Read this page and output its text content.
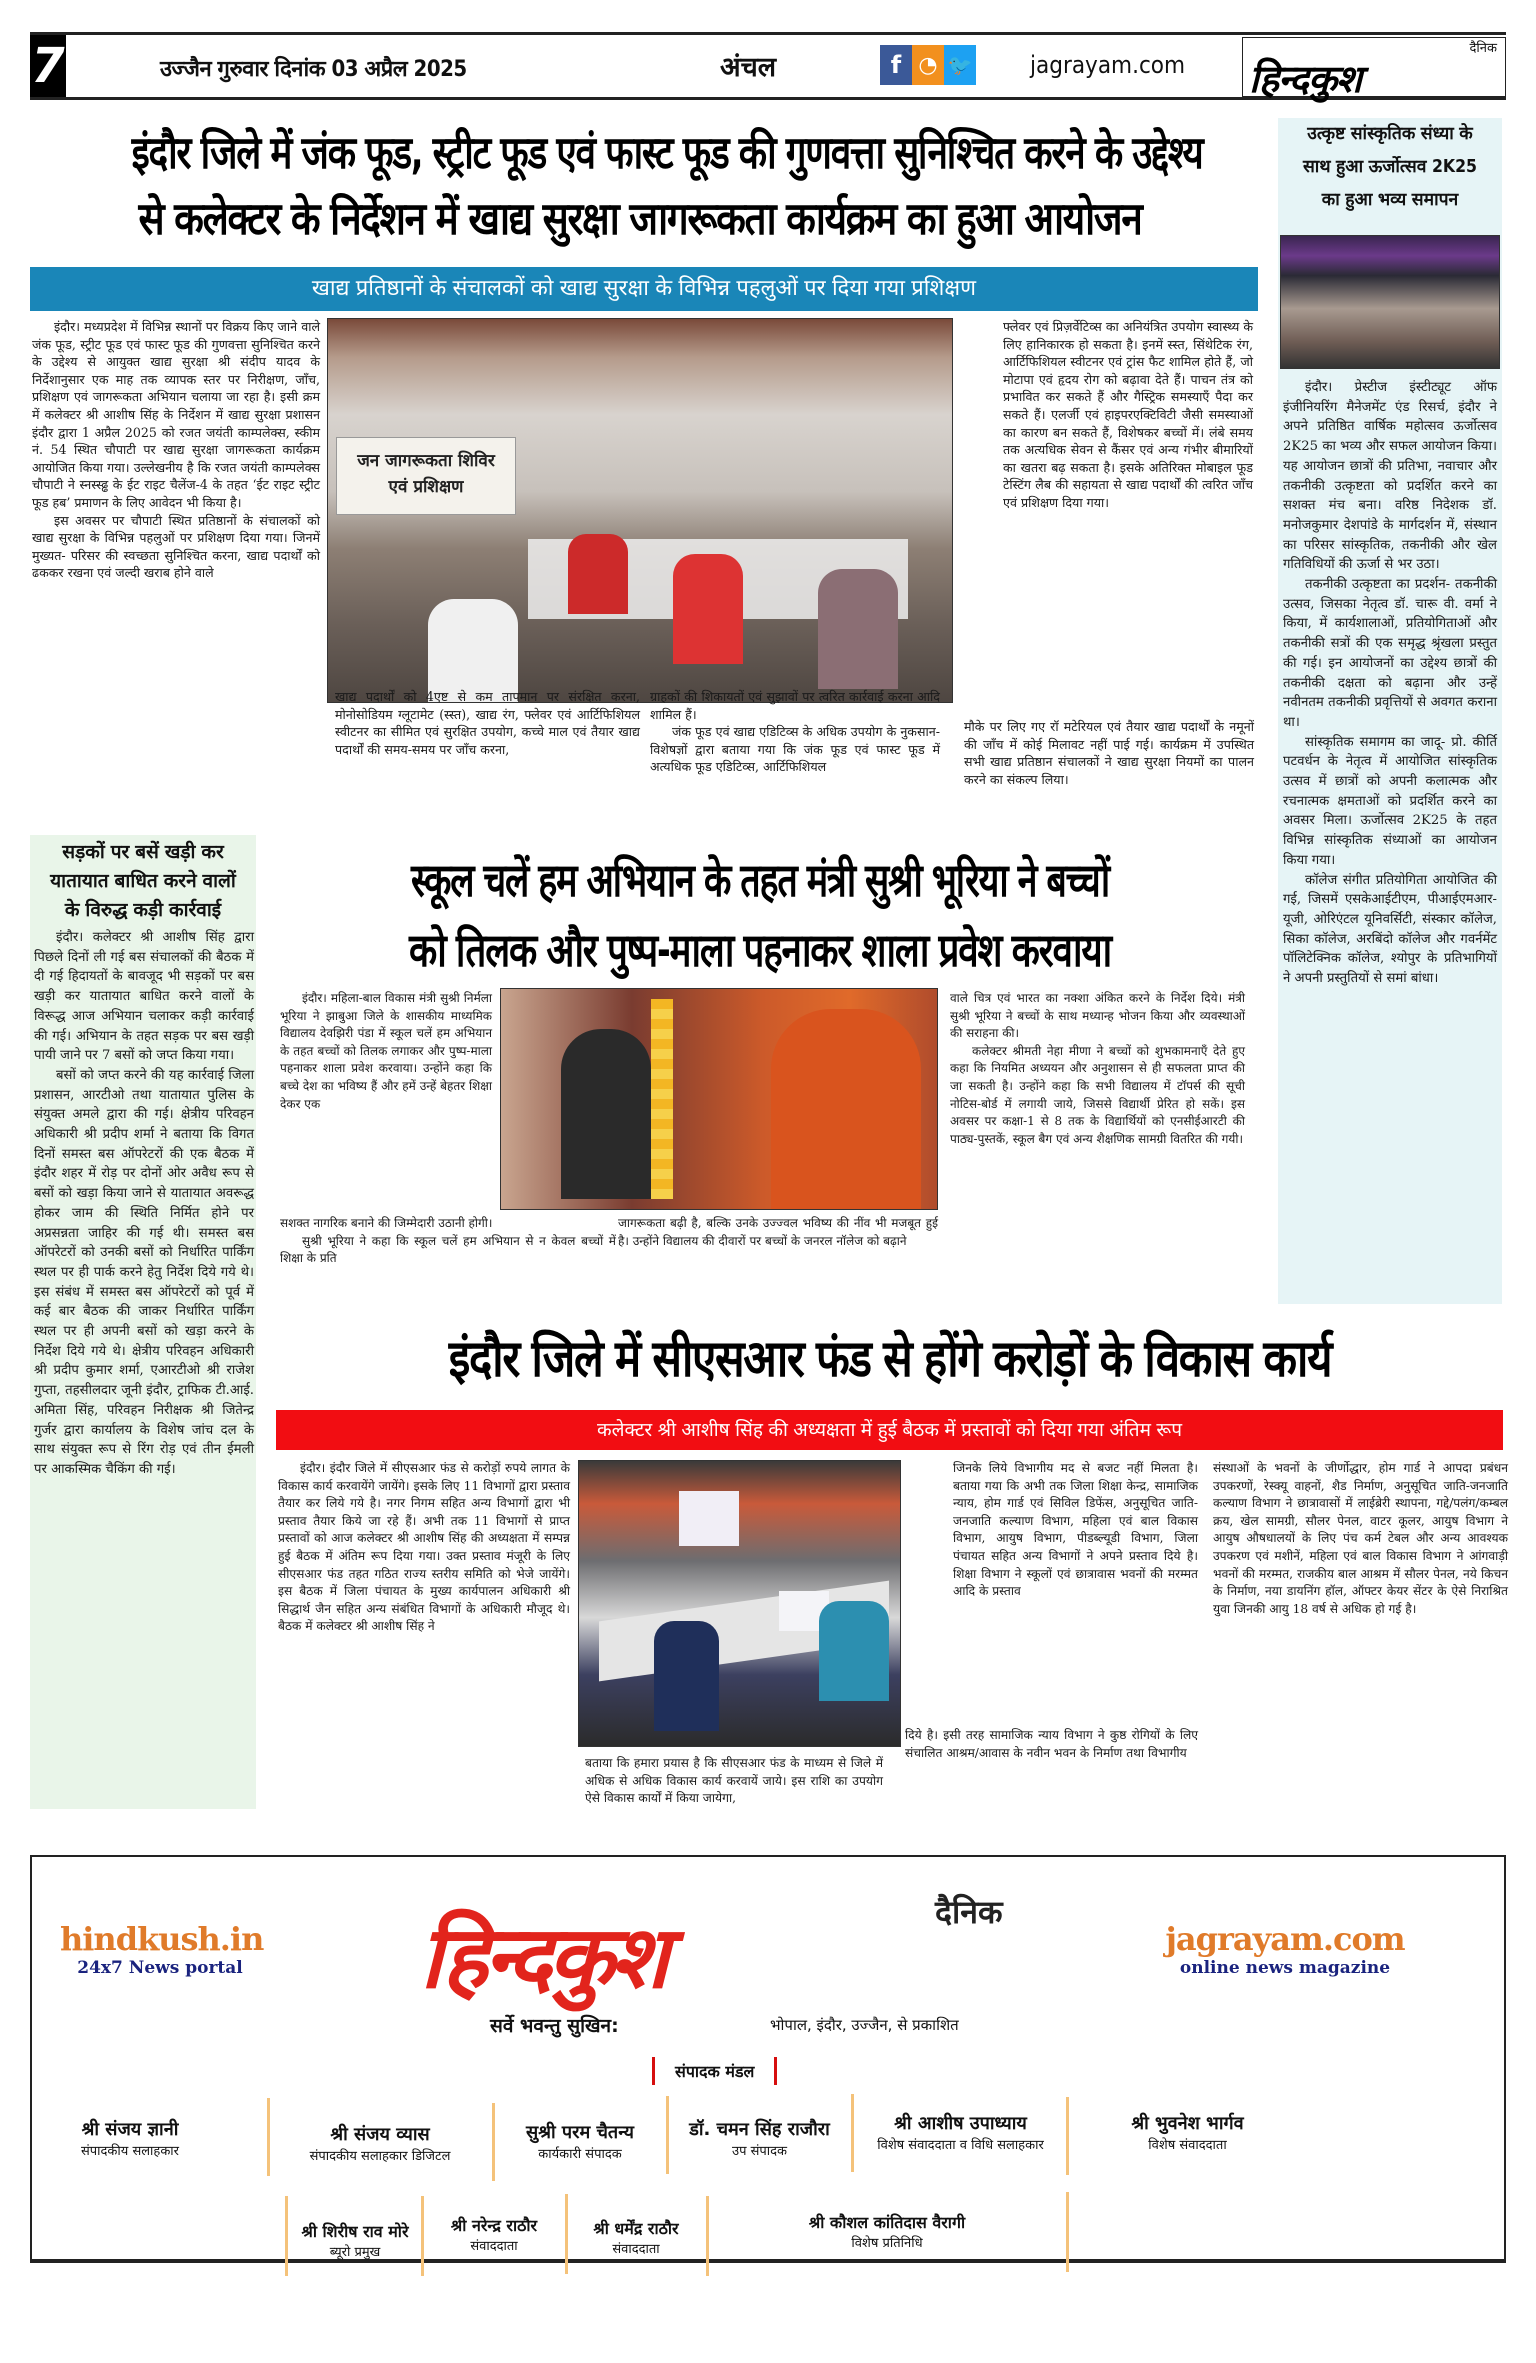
7	उज्जैन गुरुवार दिनांक 03 अप्रैल 2025	अंचल	f ◔ 🐦 jagrayam.com
दैनिक
हिन्दकुश
इंदौर जिले में जंक फूड, स्ट्रीट फूड एवं फास्ट फूड की गुणवत्ता सुनिश्चित करने के उद्देश्य
से कलेक्टर के निर्देशन में खाद्य सुरक्षा जागरूकता कार्यक्रम का हुआ आयोजन
खाद्य प्रतिष्ठानों के संचालकों को खाद्य सुरक्षा के विभिन्न पहलुओं पर दिया गया प्रशिक्षण

इंदौर। मध्यप्रदेश में विभिन्न स्थानों पर विक्रय किए जाने वाले जंक फूड, स्ट्रीट फूड एवं फास्ट फूड की गुणवत्ता सुनिश्चित करने के उद्देश्य से आयुक्त खाद्य सुरक्षा श्री संदीप यादव के निर्देशानुसार एक माह तक व्यापक स्तर पर निरीक्षण, जाँच, प्रशिक्षण एवं जागरूकता अभियान चलाया जा रहा है। इसी क्रम में कलेक्टर श्री आशीष सिंह के निर्देशन में खाद्य सुरक्षा प्रशासन इंदौर द्वारा 1 अप्रैल 2025 को रजत जयंती काम्पलेक्स, स्कीम नं. 54 स्थित चौपाटी पर खाद्य सुरक्षा जागरूकता कार्यक्रम आयोजित किया गया। उल्लेखनीय है कि रजत जयंती काम्पलेक्स चौपाटी ने स्नस्स्ढ्ढ के ईट राइट चैलेंज-4 के तहत ‘ईट राइट स्ट्रीट फूड हब’ प्रमाणन के लिए आवेदन भी किया है।

इस अवसर पर चौपाटी स्थित प्रतिष्ठानों के संचालकों को खाद्य सुरक्षा के विभिन्न पहलुओं पर प्रशिक्षण दिया गया। जिनमें मुख्यत- परिसर की स्वच्छता सुनिश्चित करना, खाद्य पदार्थों को ढककर रखना एवं जल्दी खराब होने वाले

जन जागरूकता शिविर
एवं प्रशिक्षण

खाद्य पदार्थों को 4एष्ट से कम तापमान पर संरक्षित करना, मोनोसोडियम ग्लूटामेट (स्स्त), खाद्य रंग, फ्लेवर एवं आर्टिफिशियल स्वीटनर का सीमित एवं सुरक्षित उपयोग, कच्चे माल एवं तैयार खाद्य पदार्थों की समय-समय पर जाँच करना,

ग्राहकों की शिकायतों एवं सुझावों पर त्वरित कार्रवाई करना आदि शामिल हैं।

जंक फूड एवं खाद्य एडिटिव्स के अधिक उपयोग के नुकसान- विशेषज्ञों द्वारा बताया गया कि जंक फूड एवं फास्ट फूड में अत्यधिक फूड एडिटिव्स, आर्टिफिशियल

फ्लेवर एवं प्रिज़र्वेटिव्स का अनियंत्रित उपयोग स्वास्थ्य के लिए हानिकारक हो सकता है। इनमें स्स्त, सिंथेटिक रंग, आर्टिफिशियल स्वीटनर एवं ट्रांस फैट शामिल होते हैं, जो मोटापा एवं हृदय रोग को बढ़ावा देते हैं। पाचन तंत्र को प्रभावित कर सकते हैं और गैस्ट्रिक समस्याएँ पैदा कर सकते हैं। एलर्जी एवं हाइपरएक्टिविटी जैसी समस्याओं का कारण बन सकते हैं, विशेषकर बच्चों में। लंबे समय तक अत्यधिक सेवन से कैंसर एवं अन्य गंभीर बीमारियों का खतरा बढ़ सकता है। इसके अतिरिक्त मोबाइल फूड टेस्टिंग लैब की सहायता से खाद्य पदार्थों की त्वरित जाँच एवं प्रशिक्षण दिया गया।

मौके पर लिए गए रॉ मटेरियल एवं तैयार खाद्य पदार्थों के नमूनों की जाँच में कोई मिलावट नहीं पाई गई। कार्यक्रम में उपस्थित सभी खाद्य प्रतिष्ठान संचालकों ने खाद्य सुरक्षा नियमों का पालन करने का संकल्प लिया।

उत्कृष्ट सांस्कृतिक संध्या के
साथ हुआ ऊर्जोत्सव 2K25
का हुआ भव्य समापन

इंदौर। प्रेस्टीज इंस्टीट्यूट ऑफ इंजीनियरिंग मैनेजमेंट एंड रिसर्च, इंदौर ने अपने प्रतिष्ठित वार्षिक महोत्सव ऊर्जोत्सव 2K25 का भव्य और सफल आयोजन किया। यह आयोजन छात्रों की प्रतिभा, नवाचार और तकनीकी उत्कृष्टता को प्रदर्शित करने का सशक्त मंच बना। वरिष्ठ निदेशक डॉ. मनोजकुमार देशपांडे के मार्गदर्शन में, संस्थान का परिसर सांस्कृतिक, तकनीकी और खेल गतिविधियों की ऊर्जा से भर उठा।

तकनीकी उत्कृष्टता का प्रदर्शन- तकनीकी उत्सव, जिसका नेतृत्व डॉ. चारू वी. वर्मा ने किया, में कार्यशालाओं, प्रतियोगिताओं और तकनीकी सत्रों की एक समृद्ध श्रृंखला प्रस्तुत की गई। इन आयोजनों का उद्देश्य छात्रों की तकनीकी दक्षता को बढ़ाना और उन्हें नवीनतम तकनीकी प्रवृत्तियों से अवगत कराना था।

सांस्कृतिक समागम का जादू- प्रो. कीर्ति पटवर्धन के नेतृत्व में आयोजित सांस्कृतिक उत्सव में छात्रों को अपनी कलात्मक और रचनात्मक क्षमताओं को प्रदर्शित करने का अवसर मिला। ऊर्जोत्सव 2K25 के तहत विभिन्न सांस्कृतिक संध्याओं का आयोजन किया गया।

कॉलेज संगीत प्रतियोगिता आयोजित की गई, जिसमें एसकेआईटीएम, पीआईएमआर-यूजी, ओरिएंटल यूनिवर्सिटी, संस्कार कॉलेज, सिका कॉलेज, अरबिंदो कॉलेज और गवर्नमेंट पॉलिटेक्निक कॉलेज, श्योपुर के प्रतिभागियों ने अपनी प्रस्तुतियों से समां बांधा।

सड़कों पर बसें खड़ी कर
यातायात बाधित करने वालों
के विरुद्ध कड़ी कार्रवाई

इंदौर। कलेक्टर श्री आशीष सिंह द्वारा पिछले दिनों ली गई बस संचालकों की बैठक में दी गई हिदायतों के बावजूद भी सड़कों पर बस खड़ी कर यातायात बाधित करने वालों के विरूद्ध आज अभियान चलाकर कड़ी कार्रवाई की गई। अभियान के तहत सड़क पर बस खड़ी पायी जाने पर 7 बसों को जप्त किया गया।

बसों को जप्त करने की यह कार्रवाई जिला प्रशासन, आरटीओ तथा यातायात पुलिस के संयुक्त अमले द्वारा की गई। क्षेत्रीय परिवहन अधिकारी श्री प्रदीप शर्मा ने बताया कि विगत दिनों समस्त बस ऑपरेटरों की एक बैठक में इंदौर शहर में रोड़ पर दोनों ओर अवैध रूप से बसों को खड़ा किया जाने से यातायात अवरूद्ध होकर जाम की स्थिति निर्मित होने पर अप्रसन्नता जाहिर की गई थी। समस्त बस ऑपरेटरों को उनकी बसों को निर्धारित पार्किंग स्थल पर ही पार्क करने हेतु निर्देश दिये गये थे। इस संबंध में समस्त बस ऑपरेटरों को पूर्व में कई बार बैठक की जाकर निर्धारित पार्किंग स्थल पर ही अपनी बसों को खड़ा करने के निर्देश दिये गये थे। क्षेत्रीय परिवहन अधिकारी श्री प्रदीप कुमार शर्मा, एआरटीओ श्री राजेश गुप्ता, तहसीलदार जूनी इंदौर, ट्राफिक टी.आई. अमिता सिंह, परिवहन निरीक्षक श्री जितेन्द्र गुर्जर द्वारा कार्यालय के विशेष जांच दल के साथ संयुक्त रूप से रिंग रोड़ एवं तीन ईमली पर आकस्मिक चैकिंग की गई।

स्कूल चलें हम अभियान के तहत मंत्री सुश्री भूरिया ने बच्चों
को तिलक और पुष्प-माला पहनाकर शाला प्रवेश करवाया

इंदौर। महिला-बाल विकास मंत्री सुश्री निर्मला भूरिया ने झाबुआ जिले के शासकीय माध्यमिक विद्यालय देवझिरी पंडा में स्कूल चलें हम अभियान के तहत बच्चों को तिलक लगाकर और पुष्प-माला पहनाकर शाला प्रवेश करवाया। उन्होंने कहा कि बच्चे देश का भविष्य हैं और हमें उन्हें बेहतर शिक्षा देकर एक

सशक्त नागरिक बनाने की जिम्मेदारी उठानी होगी।

सुश्री भूरिया ने कहा कि स्कूल चलें हम अभियान से न केवल बच्चों में शिक्षा के प्रति

जागरूकता बढ़ी है, बल्कि उनके उज्ज्वल भविष्य की नींव भी मजबूत हुई है। उन्होंने विद्यालय की दीवारों पर बच्चों के जनरल नॉलेज को बढ़ाने

वाले चित्र एवं भारत का नक्शा अंकित करने के निर्देश दिये। मंत्री सुश्री भूरिया ने बच्चों के साथ मध्यान्ह भोजन किया और व्यवस्थाओं की सराहना की।

कलेक्टर श्रीमती नेहा मीणा ने बच्चों को शुभकामनाएँ देते हुए कहा कि नियमित अध्ययन और अनुशासन से ही सफलता प्राप्त की जा सकती है। उन्होंने कहा कि सभी विद्यालय में टॉपर्स की सूची नोटिस-बोर्ड में लगायी जाये, जिससे विद्यार्थी प्रेरित हो सकें। इस अवसर पर कक्षा-1 से 8 तक के विद्यार्थियों को एनसीईआरटी की पाठ्य-पुस्तकें, स्कूल बैग एवं अन्य शैक्षणिक सामग्री वितरित की गयी।

इंदौर जिले में सीएसआर फंड से होंगे करोड़ों के विकास कार्य
कलेक्टर श्री आशीष सिंह की अध्यक्षता में हुई बैठक में प्रस्तावों को दिया गया अंतिम रूप

इंदौर। इंदौर जिले में सीएसआर फंड से करोड़ों रुपये लागत के विकास कार्य करवायेंगे जायेंगे। इसके लिए 11 विभागों द्वारा प्रस्ताव तैयार कर लिये गये है। नगर निगम सहित अन्य विभागों द्वारा भी प्रस्ताव तैयार किये जा रहे हैं। अभी तक 11 विभागों से प्राप्त प्रस्तावों को आज कलेक्टर श्री आशीष सिंह की अध्यक्षता में सम्पन्न हुई बैठक में अंतिम रूप दिया गया। उक्त प्रस्ताव मंजूरी के लिए सीएसआर फंड तहत गठित राज्य स्तरीय समिति को भेजे जायेंगे। इस बैठक में जिला पंचायत के मुख्य कार्यपालन अधिकारी श्री सिद्धार्थ जैन सहित अन्य संबंधित विभागों के अधिकारी मौजूद थे। बैठक में कलेक्टर श्री आशीष सिंह ने

बताया कि हमारा प्रयास है कि सीएसआर फंड के माध्यम से जिले में अधिक से अधिक विकास कार्य करवायें जाये। इस राशि का उपयोग ऐसे विकास कार्यों में किया जायेगा,

जिनके लिये विभागीय मद से बजट नहीं मिलता है। बताया गया कि अभी तक जिला शिक्षा केन्द्र, सामाजिक न्याय, होम गार्ड एवं सिविल डिफेंस, अनुसूचित जाति-जनजाति कल्याण विभाग, महिला एवं बाल विकास विभाग, आयुष विभाग, पीडब्ल्यूडी विभाग, जिला पंचायत सहित अन्य विभागों ने अपने प्रस्ताव दिये है। शिक्षा विभाग ने स्कूलों एवं छात्रावास भवनों की मरम्मत आदि के प्रस्ताव

दिये है। इसी तरह सामाजिक न्याय विभाग ने कुष्ठ रोगियों के लिए संचालित आश्रम/आवास के नवीन भवन के निर्माण तथा विभागीय

संस्थाओं के भवनों के जीर्णोद्धार, होम गार्ड ने आपदा प्रबंधन उपकरणों, रेस्क्यू वाहनों, शैड निर्माण, अनुसूचित जाति-जनजाति कल्याण विभाग ने छात्रावासों में लाईब्रेरी स्थापना, गद्दे/पलंग/कम्बल क्रय, खेल सामग्री, सौलर पेनल, वाटर कूलर, आयुष विभाग ने आयुष औषधालयों के लिए पंच कर्म टेबल और अन्य आवश्यक उपकरण एवं मशीनें, महिला एवं बाल विकास विभाग ने आंगवाड़ी भवनों की मरम्मत, राजकीय बाल आश्रम में सौलर पेनल, नये किचन के निर्माण, नया डायनिंग हॉल, ऑफ्टर केयर सेंटर के ऐसे निराश्रित युवा जिनकी आयु 18 वर्ष से अधिक हो गई है।

hindkush.in
24x7 News portal
दैनिक
हिन्दकुश	jagrayam.com
online news magazine
सर्वे भवन्तु सुखिन:	भोपाल, इंदौर, उज्जैन, से प्रकाशित
संपादक मंडल
श्री संजय ज्ञानी
संपादकीय सलाहकार
श्री संजय व्यास
संपादकीय सलाहकार डिजिटल
सुश्री परम चैतन्य
कार्यकारी संपादक
डॉ. चमन सिंह राजौरा
उप संपादक
श्री आशीष उपाध्याय
विशेष संवाददाता व विधि सलाहकार
श्री भुवनेश भार्गव
विशेष संवाददाता
श्री शिरीष राव मोरे
ब्यूरो प्रमुख
श्री नरेन्द्र राठौर
संवाददाता
श्री धर्मेंद्र राठौर
संवाददाता
श्री कौशल कांतिदास वैरागी
विशेष प्रतिनिधि
